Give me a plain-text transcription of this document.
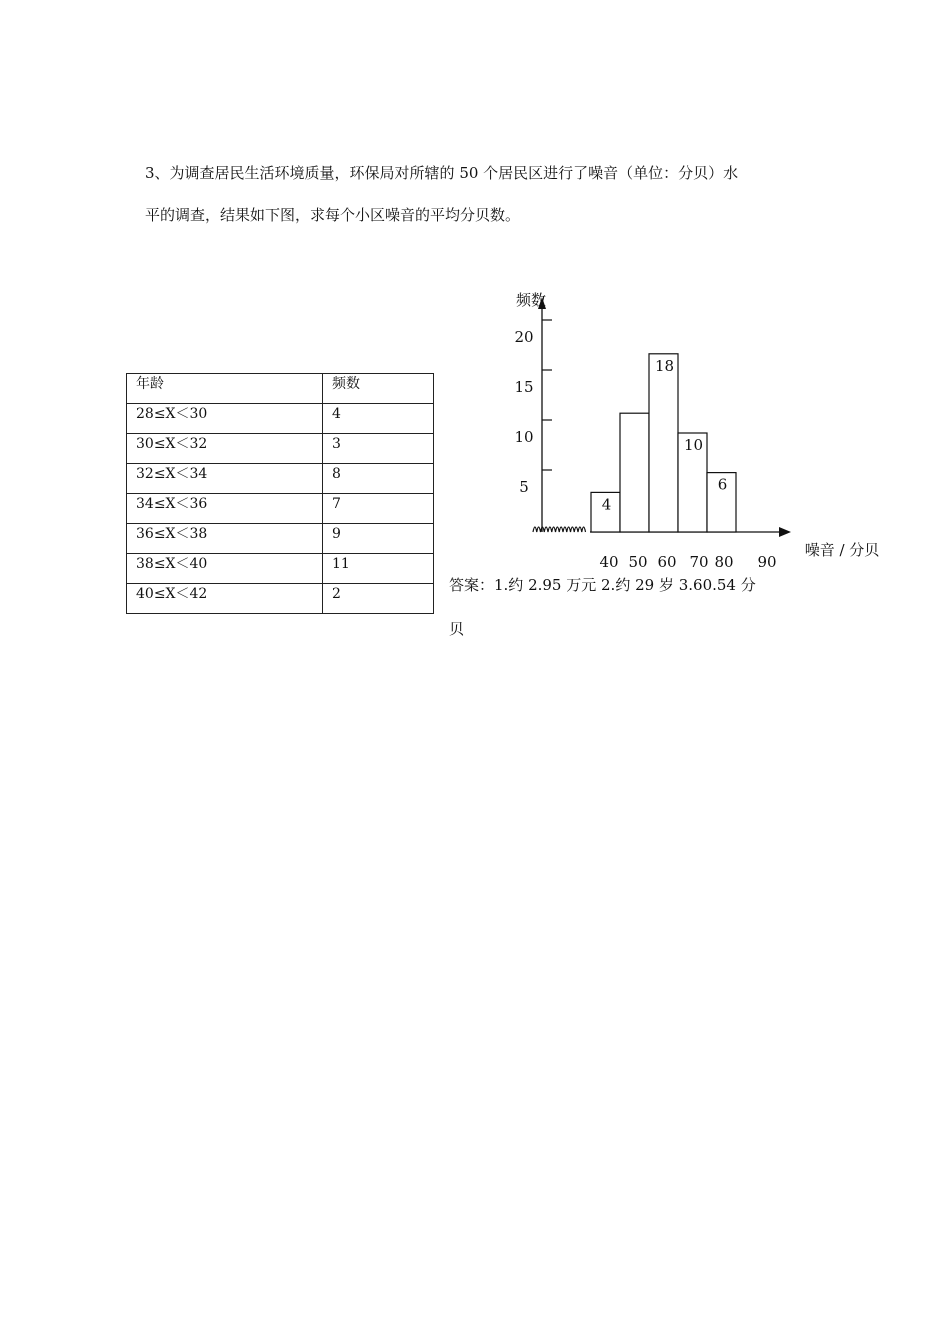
3、为调查居民生活环境质量，环保局对所辖的 50 个居民区进行了噪音（单位：分贝）水
平的调查，结果如下图，求每个小区噪音的平均分贝数。
年龄	频数
28≤X＜30	4
30≤X＜32	3
32≤X＜34	8
34≤X＜36	7
36≤X＜38	9
38≤X＜40	11
40≤X＜42	2
5
10
15
20
4
18
10
6
40 50 60 70 80 90
频数
噪音 / 分贝
答案：1.约 2.95 万元 2.约 29 岁 3.60.54 分
贝
